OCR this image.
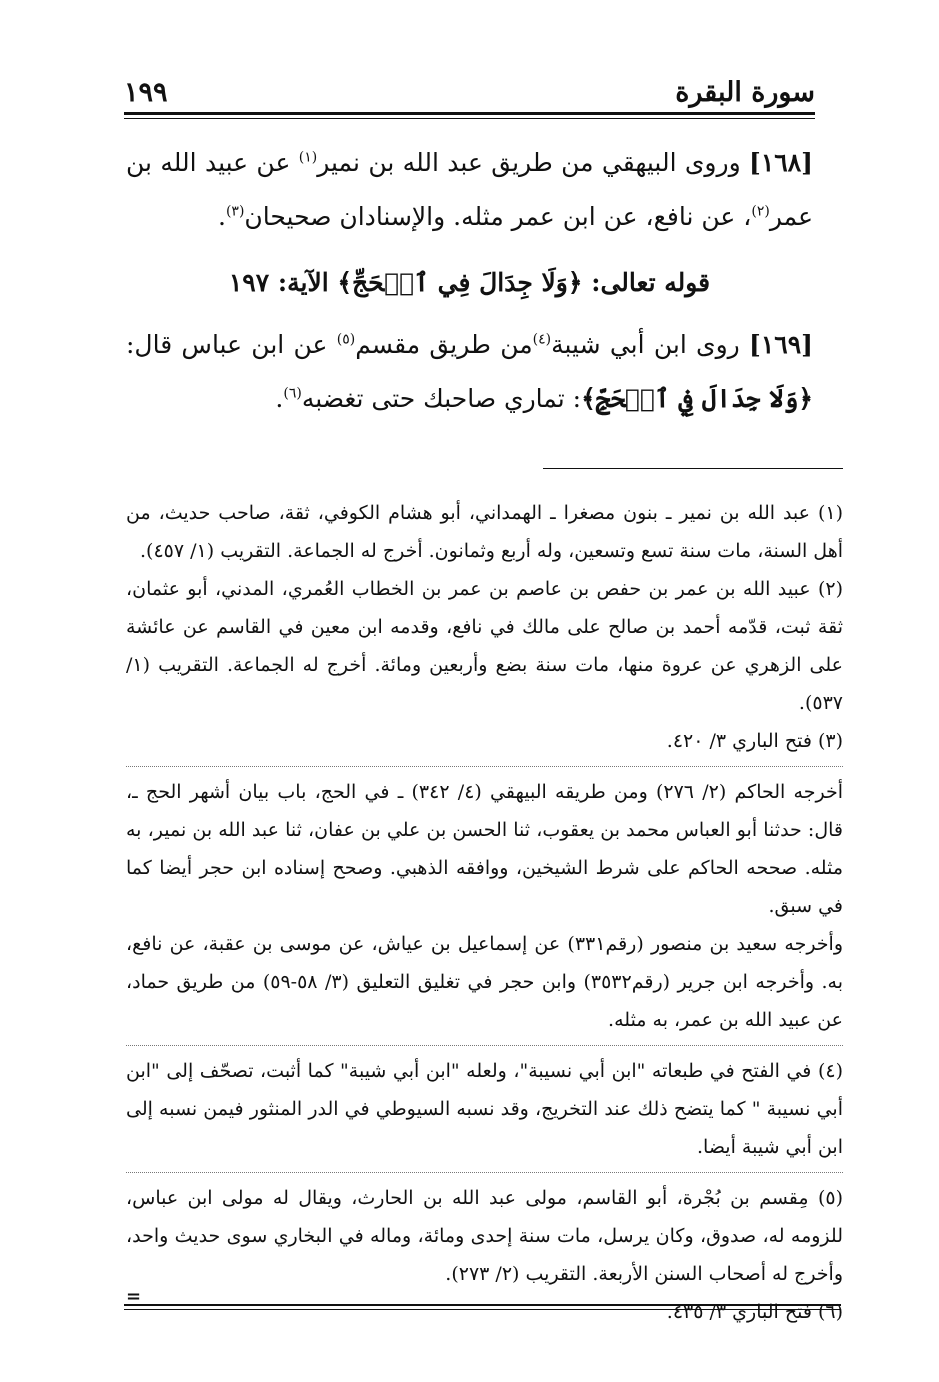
سورة البقرة
١٩٩

[١٦٨] وروى البيهقي من طريق عبد الله بن نمير$^{(١)}$ عن عبيد الله بن عمر$^{(٢)}$، عن نافع، عن ابن عمر مثله. والإسنادان صحيحان$^{(٣)}$.

قوله تعالى: ﴿وَلَا جِدَالَ فِي ٱلۡحَجِّ﴾ الآية: ١٩٧

[١٦٩] روى ابن أبي شيبة$^{(٤)}$من طريق مقسم$^{(٥)}$ عن ابن عباس قال: ﴿وَلَا جِدَالَ فِي ٱلۡحَجِّ﴾: تماري صاحبك حتى تغضبه$^{(٦)}$.

(١) عبد الله بن نمير ـ بنون مصغرا ـ الهمداني، أبو هشام الكوفي، ثقة، صاحب حديث، من أهل السنة، مات سنة تسع وتسعين، وله أربع وثمانون. أخرج له الجماعة. التقريب (١/ ٤٥٧).

(٢) عبيد الله بن عمر بن حفص بن عاصم بن عمر بن الخطاب العُمري، المدني، أبو عثمان، ثقة ثبت، قدّمه أحمد بن صالح على مالك في نافع، وقدمه ابن معين في القاسم عن عائشة على الزهري عن عروة منها، مات سنة بضع وأربعين ومائة. أخرج له الجماعة. التقريب (١/ ٥٣٧).

(٣) فتح الباري ٣/ ٤٢٠.

أخرجه الحاكم (٢/ ٢٧٦) ومن طريقه البيهقي (٤/ ٣٤٢) ـ في الحج، باب بيان أشهر الحج ـ، قال: حدثنا أبو العباس محمد بن يعقوب، ثنا الحسن بن علي بن عفان، ثنا عبد الله بن نمير، به مثله. صححه الحاكم على شرط الشيخين، ووافقه الذهبي. وصحح إسناده ابن حجر أيضا كما في سبق.

وأخرجه سعيد بن منصور (رقم٣٣١) عن إسماعيل بن عياش، عن موسى بن عقبة، عن نافع، به. وأخرجه ابن جرير (رقم٣٥٣٢) وابن حجر في تغليق التعليق (٣/ ٥٨-٥٩) من طريق حماد، عن عبيد الله بن عمر، به مثله.

(٤) في الفتح في طبعاته "ابن أبي نسيبة"، ولعله "ابن أبي شيبة" كما أثبت، تصحّف إلى "ابن أبي نسيبة " كما يتضح ذلك عند التخريج، وقد نسبه السيوطي في الدر المنثور فيمن نسبه إلى ابن أبي شيبة أيضا.

(٥) مِقسم بن بُجْرة، أبو القاسم، مولى عبد الله بن الحارث، ويقال له مولى ابن عباس، للزومه له، صدوق، وكان يرسل، مات سنة إحدى ومائة، وماله في البخاري سوى حديث واحد، وأخرج له أصحاب السنن الأربعة. التقريب (٢/ ٢٧٣).

(٦) فتح الباري ٣/ ٤٣٥.

=
